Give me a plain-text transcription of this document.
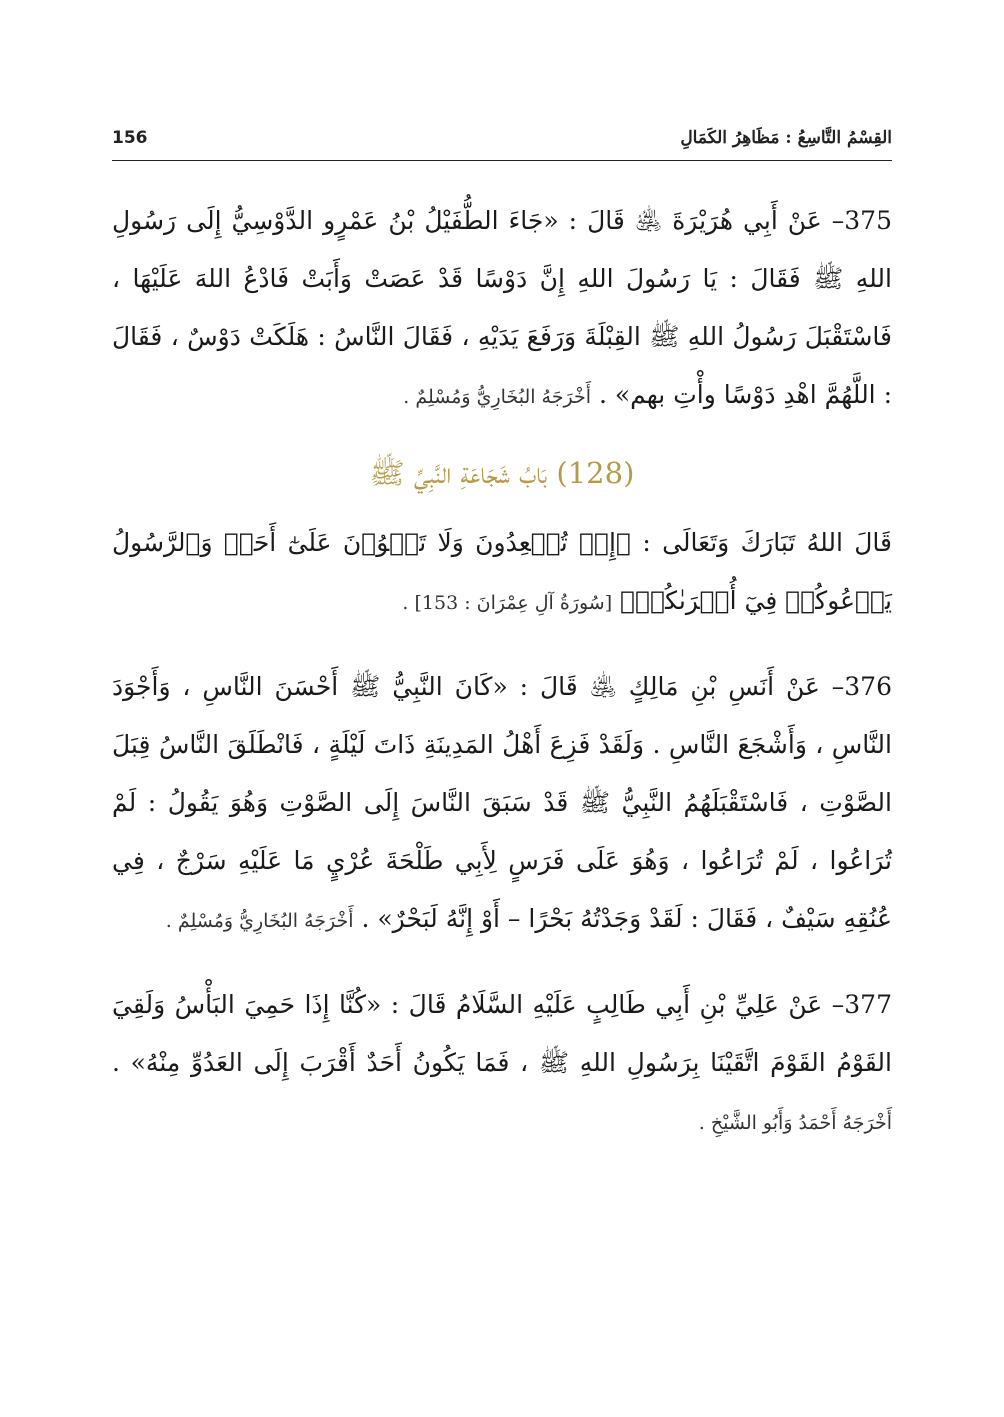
156	القِسْمُ التَّاسِعُ : مَظَاهِرُ الكَمَالِ

375– عَنْ أَبِي هُرَيْرَةَ ﵁ قَالَ : «جَاءَ الطُّفَيْلُ بْنُ عَمْرٍو الدَّوْسِيُّ إِلَى رَسُولِ اللهِ ﷺ فَقَالَ : يَا رَسُولَ اللهِ إِنَّ دَوْسًا قَدْ عَصَتْ وَأَبَتْ فَادْعُ اللهَ عَلَيْهَا ، فَاسْتَقْبَلَ رَسُولُ اللهِ ﷺ القِبْلَةَ وَرَفَعَ يَدَيْهِ ، فَقَالَ النَّاسُ : هَلَكَتْ دَوْسٌ ، فَقَالَ : اللَّهُمَّ اهْدِ دَوْسًا وأْتِ بهم» . أَخْرَجَهُ البُخَارِيُّ وَمُسْلِمٌ .

(128) بَابُ شَجَاعَةِ النَّبِيِّ ﷺ

قَالَ اللهُ تَبَارَكَ وَتَعَالَى : ﴿إِذۡ تُصۡعِدُونَ وَلَا تَلۡوُۥنَ عَلَىٰٓ أَحَدٖ وَٱلرَّسُولُ يَدۡعُوكُمۡ فِيٓ أُخۡرَىٰكُمۡ﴾ [سُورَةُ آلِ عِمْرَانَ : 153] .

376– عَنْ أَنَسِ بْنِ مَالِكٍ ﵁ قَالَ : «كَانَ النَّبِيُّ ﷺ أَحْسَنَ النَّاسِ ، وَأَجْوَدَ النَّاسِ ، وَأَشْجَعَ النَّاسِ . وَلَقَدْ فَزِعَ أَهْلُ المَدِينَةِ ذَاتَ لَيْلَةٍ ، فَانْطَلَقَ النَّاسُ قِبَلَ الصَّوْتِ ، فَاسْتَقْبَلَهُمُ النَّبِيُّ ﷺ قَدْ سَبَقَ النَّاسَ إِلَى الصَّوْتِ وَهُوَ يَقُولُ : لَمْ تُرَاعُوا ، لَمْ تُرَاعُوا ، وَهُوَ عَلَى فَرَسٍ لِأَبِي طَلْحَةَ عُرْيٍ مَا عَلَيْهِ سَرْجٌ ، فِي عُنُقِهِ سَيْفٌ ، فَقَالَ : لَقَدْ وَجَدْتُهُ بَحْرًا – أَوْ إِنَّهُ لَبَحْرٌ» . أَخْرَجَهُ البُخَارِيُّ وَمُسْلِمٌ .

377– عَنْ عَلِيِّ بْنِ أَبِي طَالِبٍ عَلَيْهِ السَّلَامُ قَالَ : «كُنَّا إِذَا حَمِيَ البَأْسُ وَلَقِيَ القَوْمُ القَوْمَ اتَّقَيْنَا بِرَسُولِ اللهِ ﷺ ، فَمَا يَكُونُ أَحَدٌ أَقْرَبَ إِلَى العَدُوِّ مِنْهُ» . أَخْرَجَهُ أَحْمَدُ وَأَبُو الشَّيْخِ .
